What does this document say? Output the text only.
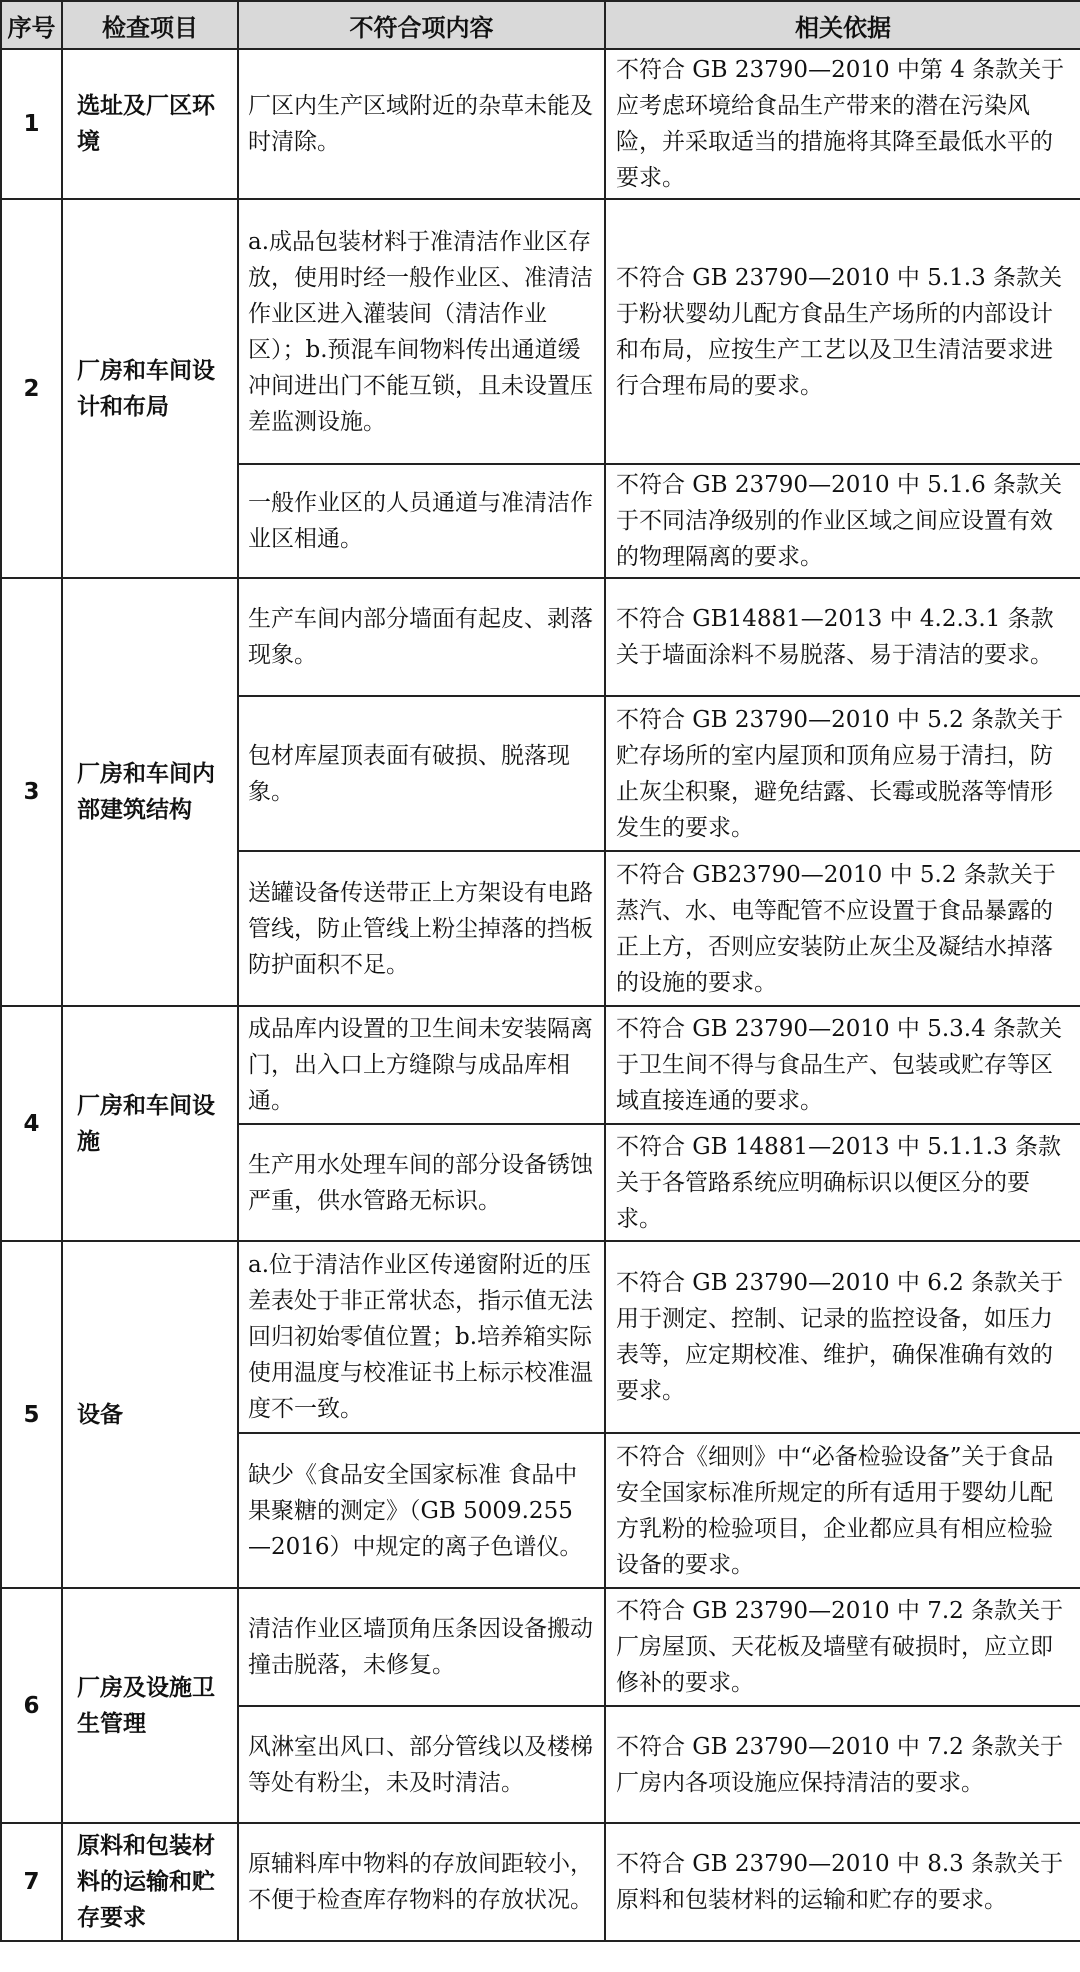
序号	检查项目	不符合项内容	相关依据
1	选址及厂区环境	厂区内生产区域附近的杂草未能及时清除。	不符合 GB 23790—2010 中第 4 条款关于应考虑环境给食品生产带来的潜在污染风险，并采取适当的措施将其降至最低水平的要求。
2	厂房和车间设计和布局	a.成品包装材料于准清洁作业区存放，使用时经一般作业区、准清洁作业区进入灌装间（清洁作业区）；b.预混车间物料传出通道缓冲间进出门不能互锁，且未设置压差监测设施。	不符合 GB 23790—2010 中 5.1.3 条款关于粉状婴幼儿配方食品生产场所的内部设计和布局，应按生产工艺以及卫生清洁要求进行合理布局的要求。
		一般作业区的人员通道与准清洁作业区相通。	不符合 GB 23790—2010 中 5.1.6 条款关于不同洁净级别的作业区域之间应设置有效的物理隔离的要求。
3	厂房和车间内部建筑结构	生产车间内部分墙面有起皮、剥落现象。	不符合 GB14881—2013 中 4.2.3.1 条款关于墙面涂料不易脱落、易于清洁的要求。
		包材库屋顶表面有破损、脱落现象。	不符合 GB 23790—2010 中 5.2 条款关于贮存场所的室内屋顶和顶角应易于清扫，防止灰尘积聚，避免结露、长霉或脱落等情形发生的要求。
		送罐设备传送带正上方架设有电路管线，防止管线上粉尘掉落的挡板防护面积不足。	不符合 GB23790—2010 中 5.2 条款关于蒸汽、水、电等配管不应设置于食品暴露的正上方，否则应安装防止灰尘及凝结水掉落的设施的要求。
4	厂房和车间设施	成品库内设置的卫生间未安装隔离门，出入口上方缝隙与成品库相通。	不符合 GB 23790—2010 中 5.3.4 条款关于卫生间不得与食品生产、包装或贮存等区域直接连通的要求。
		生产用水处理车间的部分设备锈蚀严重，供水管路无标识。	不符合 GB 14881—2013 中 5.1.1.3 条款关于各管路系统应明确标识以便区分的要求。
5	设备	a.位于清洁作业区传递窗附近的压差表处于非正常状态，指示值无法回归初始零值位置；b.培养箱实际使用温度与校准证书上标示校准温度不一致。	不符合 GB 23790—2010 中 6.2 条款关于用于测定、控制、记录的监控设备，如压力表等，应定期校准、维护，确保准确有效的要求。
		缺少《食品安全国家标准 食品中果聚糖的测定》（GB 5009.255—2016）中规定的离子色谱仪。	不符合《细则》中“必备检验设备”关于食品安全国家标准所规定的所有适用于婴幼儿配方乳粉的检验项目，企业都应具有相应检验设备的要求。
6	厂房及设施卫生管理	清洁作业区墙顶角压条因设备搬动撞击脱落，未修复。	不符合 GB 23790—2010 中 7.2 条款关于厂房屋顶、天花板及墙壁有破损时，应立即修补的要求。
		风淋室出风口、部分管线以及楼梯等处有粉尘，未及时清洁。	不符合 GB 23790—2010 中 7.2 条款关于厂房内各项设施应保持清洁的要求。
7	原料和包装材料的运输和贮存要求	原辅料库中物料的存放间距较小，不便于检查库存物料的存放状况。	不符合 GB 23790—2010 中 8.3 条款关于原料和包装材料的运输和贮存的要求。
